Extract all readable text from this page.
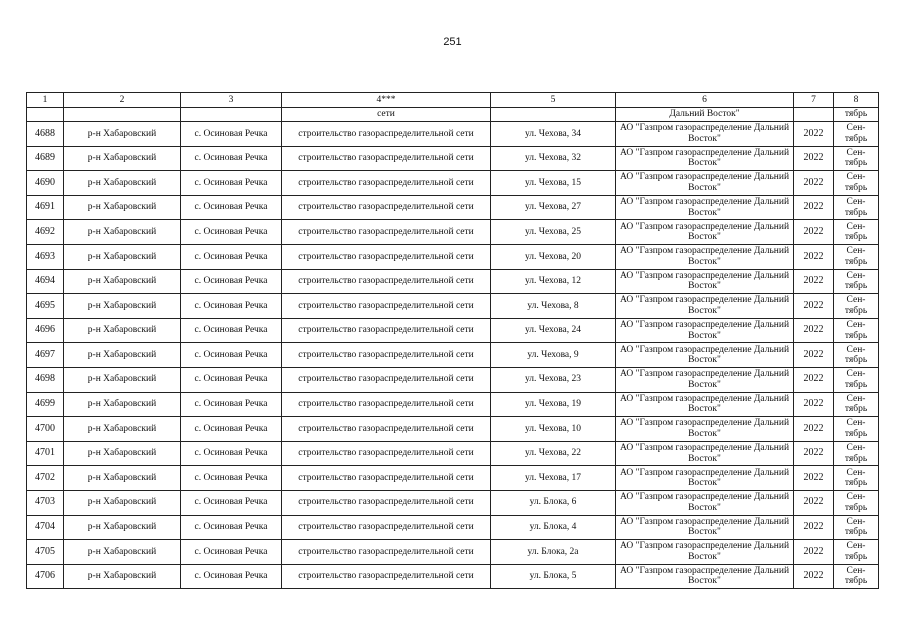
251
1	2	3	4***	5	6	7	8
			сети		Дальний Восток"		тябрь
4688	р-н Хабаровский	с. Осиновая Речка	строительство газораспределительной сети	ул. Чехова, 34	АО "Газпром газораспределение Дальний Восток"	2022	Сен-тябрь
4689	р-н Хабаровский	с. Осиновая Речка	строительство газораспределительной сети	ул. Чехова, 32	АО "Газпром газораспределение Дальний Восток"	2022	Сен-тябрь
4690	р-н Хабаровский	с. Осиновая Речка	строительство газораспределительной сети	ул. Чехова, 15	АО "Газпром газораспределение Дальний Восток"	2022	Сен-тябрь
4691	р-н Хабаровский	с. Осиновая Речка	строительство газораспределительной сети	ул. Чехова, 27	АО "Газпром газораспределение Дальний Восток"	2022	Сен-тябрь
4692	р-н Хабаровский	с. Осиновая Речка	строительство газораспределительной сети	ул. Чехова, 25	АО "Газпром газораспределение Дальний Восток"	2022	Сен-тябрь
4693	р-н Хабаровский	с. Осиновая Речка	строительство газораспределительной сети	ул. Чехова, 20	АО "Газпром газораспределение Дальний Восток"	2022	Сен-тябрь
4694	р-н Хабаровский	с. Осиновая Речка	строительство газораспределительной сети	ул. Чехова, 12	АО "Газпром газораспределение Дальний Восток"	2022	Сен-тябрь
4695	р-н Хабаровский	с. Осиновая Речка	строительство газораспределительной сети	ул. Чехова, 8	АО "Газпром газораспределение Дальний Восток"	2022	Сен-тябрь
4696	р-н Хабаровский	с. Осиновая Речка	строительство газораспределительной сети	ул. Чехова, 24	АО "Газпром газораспределение Дальний Восток"	2022	Сен-тябрь
4697	р-н Хабаровский	с. Осиновая Речка	строительство газораспределительной сети	ул. Чехова, 9	АО "Газпром газораспределение Дальний Восток"	2022	Сен-тябрь
4698	р-н Хабаровский	с. Осиновая Речка	строительство газораспределительной сети	ул. Чехова, 23	АО "Газпром газораспределение Дальний Восток"	2022	Сен-тябрь
4699	р-н Хабаровский	с. Осиновая Речка	строительство газораспределительной сети	ул. Чехова, 19	АО "Газпром газораспределение Дальний Восток"	2022	Сен-тябрь
4700	р-н Хабаровский	с. Осиновая Речка	строительство газораспределительной сети	ул. Чехова, 10	АО "Газпром газораспределение Дальний Восток"	2022	Сен-тябрь
4701	р-н Хабаровский	с. Осиновая Речка	строительство газораспределительной сети	ул. Чехова, 22	АО "Газпром газораспределение Дальний Восток"	2022	Сен-тябрь
4702	р-н Хабаровский	с. Осиновая Речка	строительство газораспределительной сети	ул. Чехова, 17	АО "Газпром газораспределение Дальний Восток"	2022	Сен-тябрь
4703	р-н Хабаровский	с. Осиновая Речка	строительство газораспределительной сети	ул. Блока, 6	АО "Газпром газораспределение Дальний Восток"	2022	Сен-тябрь
4704	р-н Хабаровский	с. Осиновая Речка	строительство газораспределительной сети	ул. Блока, 4	АО "Газпром газораспределение Дальний Восток"	2022	Сен-тябрь
4705	р-н Хабаровский	с. Осиновая Речка	строительство газораспределительной сети	ул. Блока, 2а	АО "Газпром газораспределение Дальний Восток"	2022	Сен-тябрь
4706	р-н Хабаровский	с. Осиновая Речка	строительство газораспределительной сети	ул. Блока, 5	АО "Газпром газораспределение Дальний Восток"	2022	Сен-тябрь
